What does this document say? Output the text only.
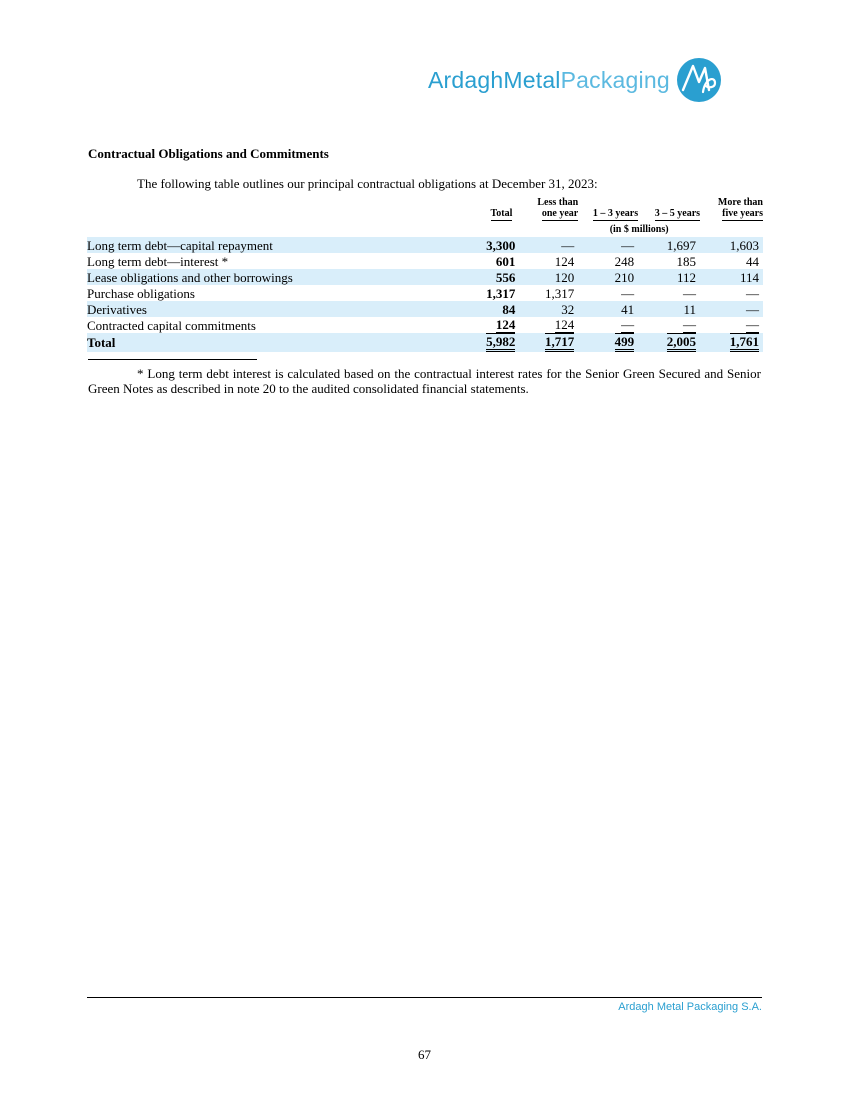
ArdaghMetalPackaging
Contractual Obligations and Commitments
The following table outlines our principal contractual obligations at December 31, 2023:
		Less than			More than
	Total	one year	1 – 3 years	3 – 5 years	five years
			(in $ millions)		
Long term debt—capital repayment	3,300	—	—	1,697	1,603
Long term debt—interest *	601	124	248	185	44
Lease obligations and other borrowings	556	120	210	112	114
Purchase obligations	1,317	1,317	—	—	—
Derivatives	84	32	41	11	—
Contracted capital commitments	124	124	—	—	—
Total	5,982	1,717	499	2,005	1,761
* Long term debt interest is calculated based on the contractual interest rates for the Senior Green Secured and Senior Green Notes as described in note 20 to the audited consolidated financial statements.
Ardagh Metal Packaging S.A.
67
